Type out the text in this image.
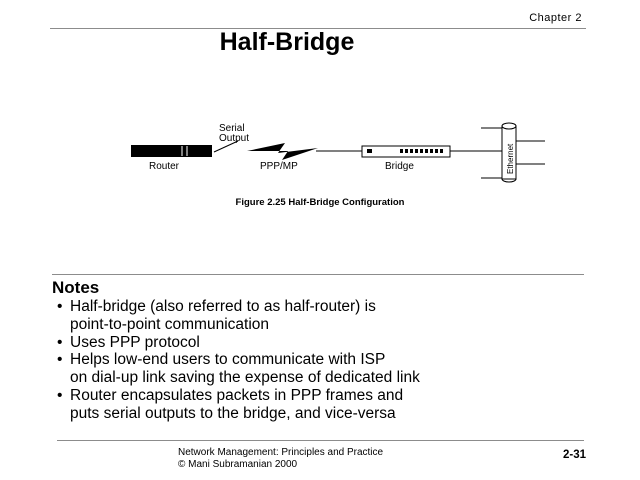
Chapter 2
Half-Bridge
Serial
Output
Router	PPP/MP	Bridge	Ethernet
Figure 2.25 Half-Bridge Configuration
Notes
• Half-bridge (also referred to as half-router) is
point-to-point communication
• Uses PPP protocol
• Helps low-end users to communicate with ISP
on dial-up link saving the expense of dedicated link
• Router encapsulates packets in PPP frames and
puts serial outputs to the bridge, and vice-versa
Network Management: Principles and Practice
© Mani Subramanian 2000
2-31
